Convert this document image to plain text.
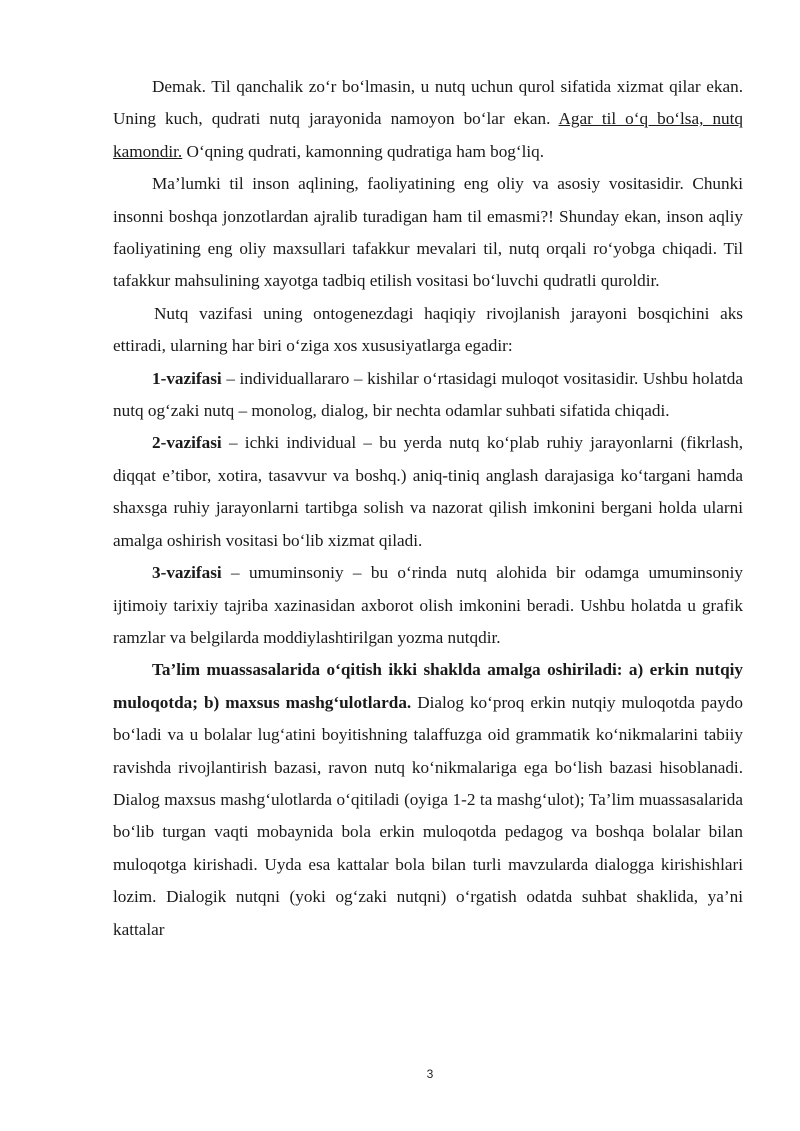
Demak. Til qanchalik zo‘r bo‘lmasin, u nutq uchun qurol sifatida xizmat qilar ekan. Uning kuch, qudrati nutq jarayonida namoyon bo‘lar ekan. Agar til o‘q bo‘lsa, nutq kamondir. O‘qning qudrati, kamonning qudratiga ham bog‘liq.

Ma’lumki til inson aqlining, faoliyatining eng oliy va asosiy vositasidir. Chunki insonni boshqa jonzotlardan ajralib turadigan ham til emasmi?! Shunday ekan, inson aqliy faoliyatining eng oliy maxsullari tafakkur mevalari til, nutq orqali ro‘yobga chiqadi. Til tafakkur mahsulining xayotga tadbiq etilish vositasi bo‘luvchi qudratli quroldir.

Nutq vazifasi uning ontogenezdagi haqiqiy rivojlanish jarayoni bosqichini aks ettiradi, ularning har biri o‘ziga xos xususiyatlarga egadir:

1-vazifasi – individuallararo – kishilar o‘rtasidagi muloqot vositasidir. Ushbu holatda nutq og‘zaki nutq – monolog, dialog, bir nechta odamlar suhbati sifatida chiqadi.

2-vazifasi – ichki individual – bu yerda nutq ko‘plab ruhiy jarayonlarni (fikrlash, diqqat e’tibor, xotira, tasavvur va boshq.) aniq-tiniq anglash darajasiga ko‘targani hamda shaxsga ruhiy jarayonlarni tartibga solish va nazorat qilish imkonini bergani holda ularni amalga oshirish vositasi bo‘lib xizmat qiladi.

3-vazifasi – umuminsoniy – bu o‘rinda nutq alohida bir odamga umuminsoniy ijtimoiy tarixiy tajriba xazinasidan axborot olish imkonini beradi. Ushbu holatda u grafik ramzlar va belgilarda moddiylashtirilgan yozma nutqdir.

Ta’lim muassasalarida o‘qitish ikki shaklda amalga oshiriladi: a) erkin nutqiy muloqotda; b) maxsus mashg‘ulotlarda. Dialog ko‘proq erkin nutqiy muloqotda paydo bo‘ladi va u bolalar lug‘atini boyitishning talaffuzga oid grammatik ko‘nikmalarini tabiiy ravishda rivojlantirish bazasi, ravon nutq ko‘nikmalariga ega bo‘lish bazasi hisoblanadi. Dialog maxsus mashg‘ulotlarda o‘qitiladi (oyiga 1-2 ta mashg‘ulot); Ta’lim muassasalarida bo‘lib turgan vaqti mobaynida bola erkin muloqotda pedagog va boshqa bolalar bilan muloqotga kirishadi. Uyda esa kattalar bola bilan turli mavzularda dialogga kirishishlari lozim. Dialogik nutqni (yoki og‘zaki nutqni) o‘rgatish odatda suhbat shaklida, ya’ni kattalar

3
